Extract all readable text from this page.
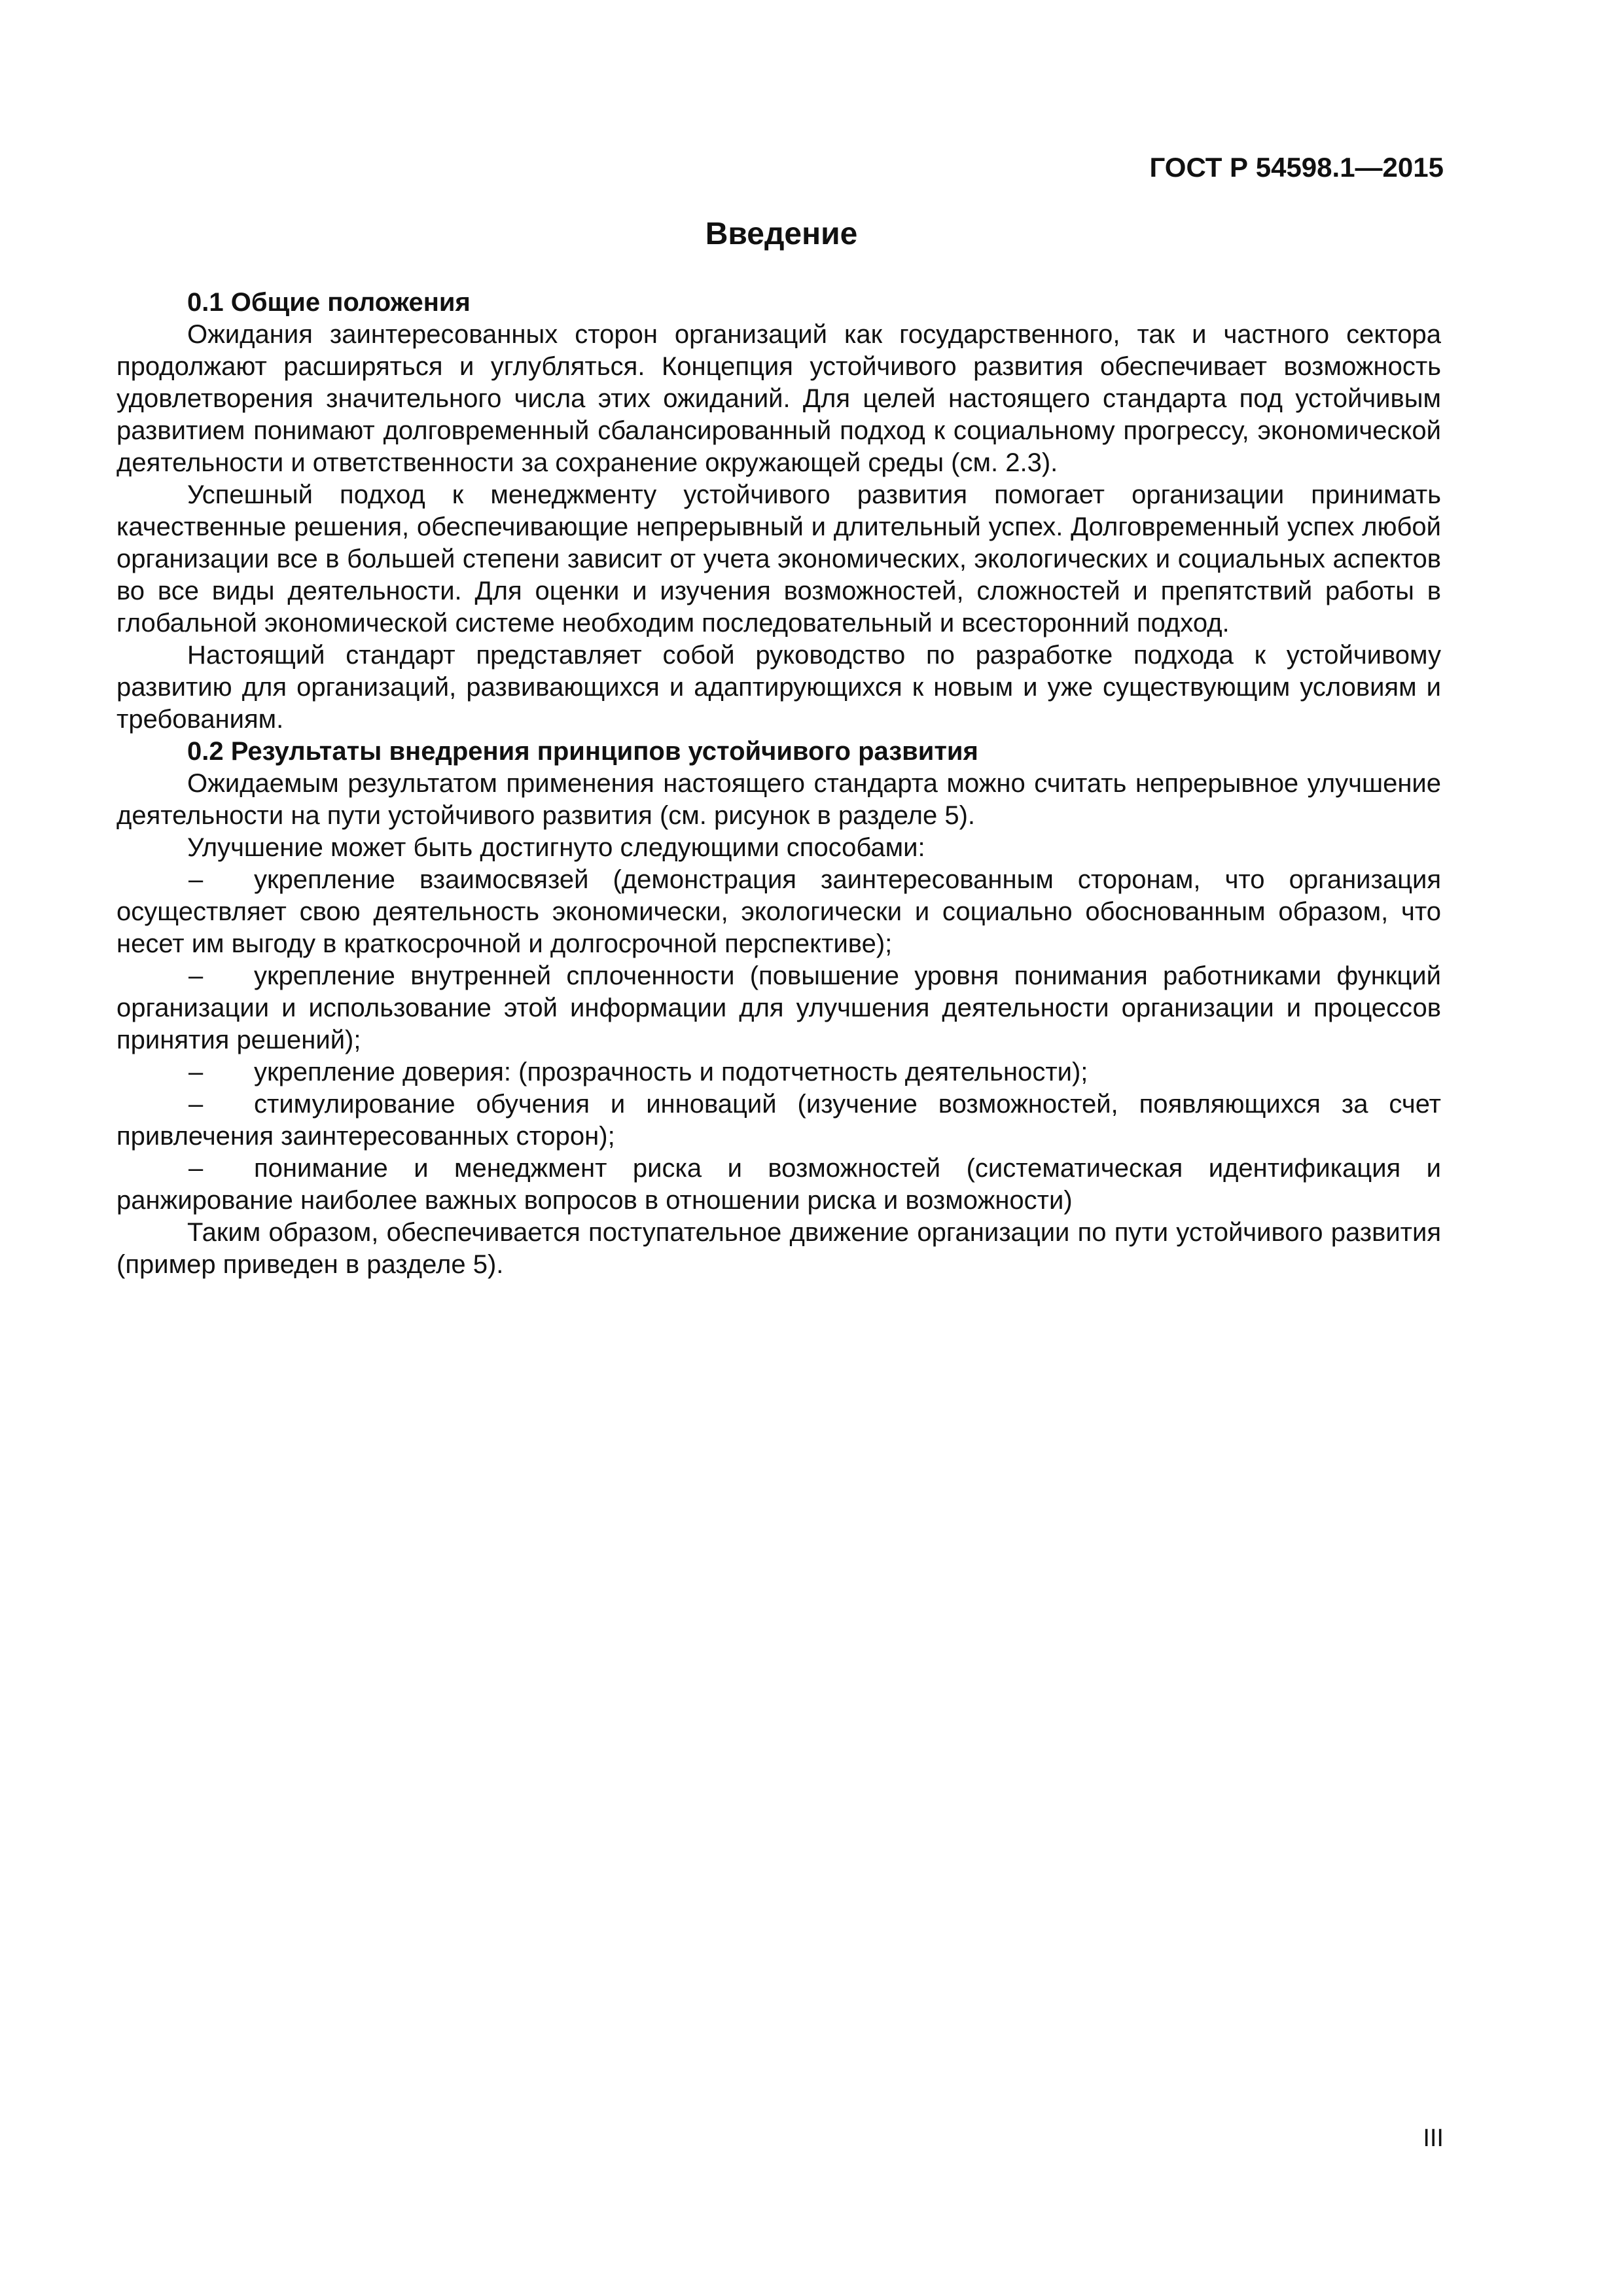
ГОСТ Р 54598.1—2015
Введение
0.1 Общие положения

Ожидания заинтересованных сторон организаций как государственного, так и частного сектора продолжают расширяться и углубляться. Концепция устойчивого развития обеспечивает возможность удовлетворения значительного числа этих ожиданий. Для целей настоящего стандарта под устойчивым развитием понимают долговременный сбалансированный подход к социальному прогрессу, экономической деятельности и ответственности за сохранение окружающей среды (см. 2.3).

Успешный подход к менеджменту устойчивого развития помогает организации принимать качественные решения, обеспечивающие непрерывный и длительный успех. Долговременный успех любой организации все в большей степени зависит от учета экономических, экологических и социальных аспектов во все виды деятельности. Для оценки и изучения возможностей, сложностей и препятствий работы в глобальной экономической системе необходим последовательный и всесторонний подход.

Настоящий стандарт представляет собой руководство по разработке подхода к устойчивому развитию для организаций, развивающихся и адаптирующихся к новым и уже существующим условиям и требованиям.

0.2 Результаты внедрения принципов устойчивого развития

Ожидаемым результатом применения настоящего стандарта можно считать непрерывное улучшение деятельности на пути устойчивого развития (см. рисунок в разделе 5).

Улучшение может быть достигнуто следующими способами:

– укрепление взаимосвязей (демонстрация заинтересованным сторонам, что организация осуществляет свою деятельность экономически, экологически и социально обоснованным образом, что несет им выгоду в краткосрочной и долгосрочной перспективе);

– укрепление внутренней сплоченности (повышение уровня понимания работниками функций организации и использование этой информации для улучшения деятельности организации и процессов принятия решений);

– укрепление доверия: (прозрачность и подотчетность деятельности);

– стимулирование обучения и инноваций (изучение возможностей, появляющихся за счет привлечения заинтересованных сторон);

– понимание и менеджмент риска и возможностей (систематическая идентификация и ранжирование наиболее важных вопросов в отношении риска и возможности)

Таким образом, обеспечивается поступательное движение организации по пути устойчивого развития (пример приведен в разделе 5).

III
